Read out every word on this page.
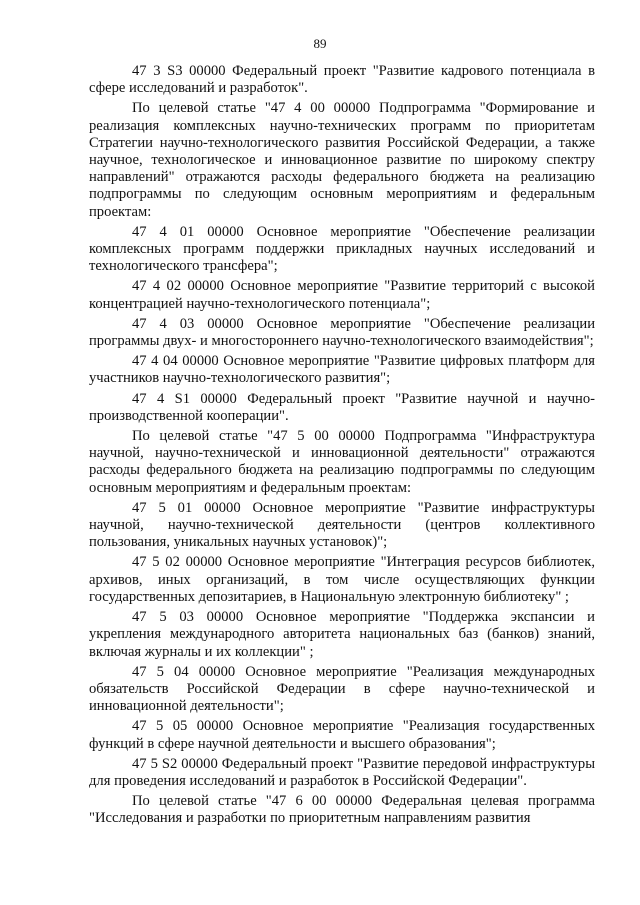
89

47 3 S3 00000 Федеральный проект "Развитие кадрового потенциала в сфере исследований и разработок".

По целевой статье "47 4 00 00000 Подпрограмма "Формирование и реализация комплексных научно-технических программ по приоритетам Стратегии научно-технологического развития Российской Федерации, а также научное, технологическое и инновационное развитие по широкому спектру направлений" отражаются расходы федерального бюджета на реализацию подпрограммы по следующим основным мероприятиям и федеральным проектам:

47 4 01 00000 Основное мероприятие "Обеспечение реализации комплексных программ поддержки прикладных научных исследований и технологического трансфера";

47 4 02 00000 Основное мероприятие "Развитие территорий с высокой концентрацией научно-технологического потенциала";

47 4 03 00000 Основное мероприятие "Обеспечение реализации программы двух- и многостороннего научно-технологического взаимодействия";

47 4 04 00000 Основное мероприятие "Развитие цифровых платформ для участников научно-технологического развития";

47 4 S1 00000 Федеральный проект "Развитие научной и научно-производственной кооперации".

По целевой статье "47 5 00 00000 Подпрограмма "Инфраструктура научной, научно-технической и инновационной деятельности" отражаются расходы федерального бюджета на реализацию подпрограммы по следующим основным мероприятиям и федеральным проектам:

47 5 01 00000 Основное мероприятие "Развитие инфраструктуры научной, научно-технической деятельности (центров коллективного пользования, уникальных научных установок)";

47 5 02 00000 Основное мероприятие "Интеграция ресурсов библиотек, архивов, иных организаций, в том числе осуществляющих функции государственных депозитариев, в Национальную электронную библиотеку" ;

47 5 03 00000 Основное мероприятие "Поддержка экспансии и укрепления международного авторитета национальных баз (банков) знаний, включая журналы и их коллекции" ;

47 5 04 00000 Основное мероприятие "Реализация международных обязательств Российской Федерации в сфере научно-технической и инновационной деятельности";

47 5 05 00000 Основное мероприятие "Реализация государственных функций в сфере научной деятельности и высшего образования";

47 5 S2 00000 Федеральный проект "Развитие передовой инфраструктуры для проведения исследований и разработок в Российской Федерации".

По целевой статье "47 6 00 00000 Федеральная целевая программа "Исследования и разработки по приоритетным направлениям развития
